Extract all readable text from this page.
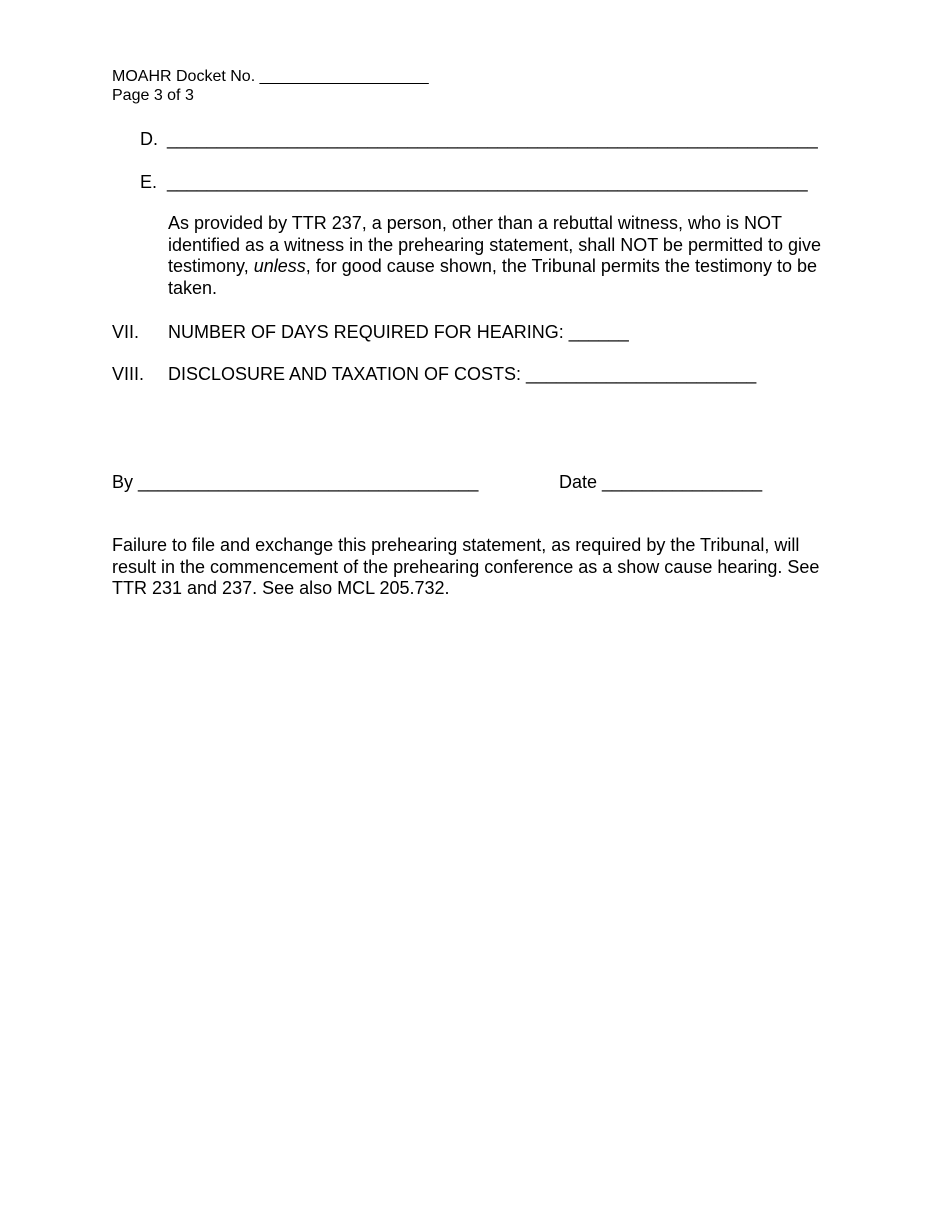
MOAHR Docket No. ___________________
Page 3 of 3
D. _________________________________________________________________
E. ________________________________________________________________
As provided by TTR 237, a person, other than a rebuttal witness, who is NOT identified as a witness in the prehearing statement, shall NOT be permitted to give testimony, unless, for good cause shown, the Tribunal permits the testimony to be taken.
VII. NUMBER OF DAYS REQUIRED FOR HEARING: ______
VIII. DISCLOSURE AND TAXATION OF COSTS: _______________________
By __________________________________	Date ________________
Failure to file and exchange this prehearing statement, as required by the Tribunal, will result in the commencement of the prehearing conference as a show cause hearing. See TTR 231 and 237. See also MCL 205.732.
